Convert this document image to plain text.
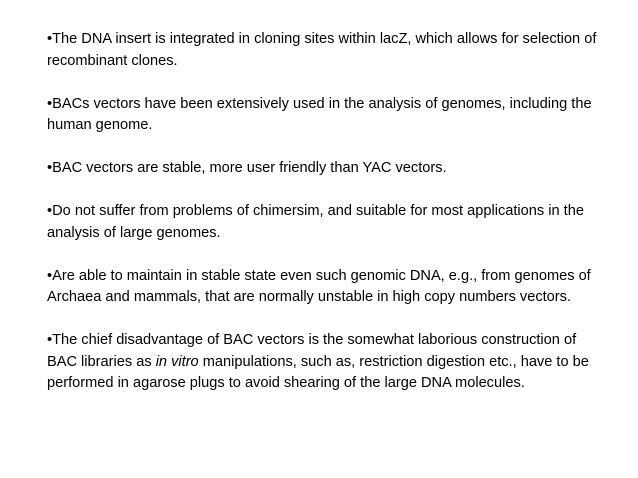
•The DNA insert is integrated in cloning sites within lacZ, which allows for selection of recombinant clones.

•BACs vectors have been extensively used in the analysis of genomes, including the human genome.

•BAC vectors are stable, more user friendly than YAC vectors.

•Do not suffer from problems of chimersim, and suitable for most applications in the analysis of large genomes.

•Are able to maintain in stable state even such genomic DNA, e.g., from genomes of Archaea and mammals, that are normally unstable in high copy numbers vectors.

•The chief disadvantage of BAC vectors is the somewhat laborious construction of BAC libraries as in vitro manipulations, such as, restriction digestion etc., have to be performed in agarose plugs to avoid shearing of the large DNA molecules.
